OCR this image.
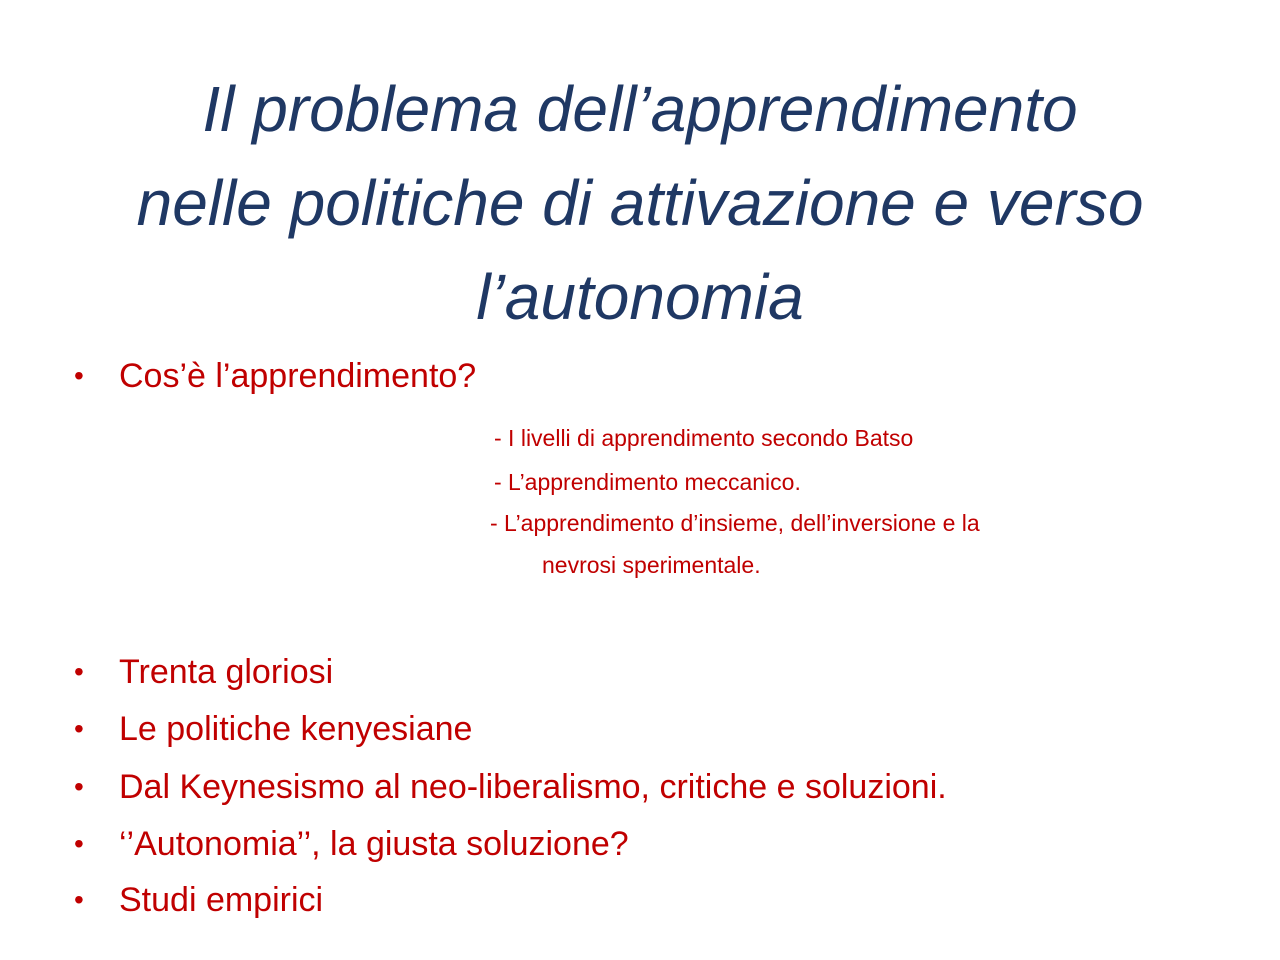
Il problema dell’apprendimento
nelle politiche di attivazione e verso
l’autonomia
• Cos’è l’apprendimento?
- I livelli di apprendimento secondo Batso
- L’apprendimento meccanico.
- L’apprendimento d’insieme, dell’inversione e la
nevrosi sperimentale.
• Trenta gloriosi
• Le politiche kenyesiane
• Dal Keynesismo al neo-liberalismo, critiche e soluzioni.
• ‘’Autonomia’’, la giusta soluzione?
• Studi empirici
